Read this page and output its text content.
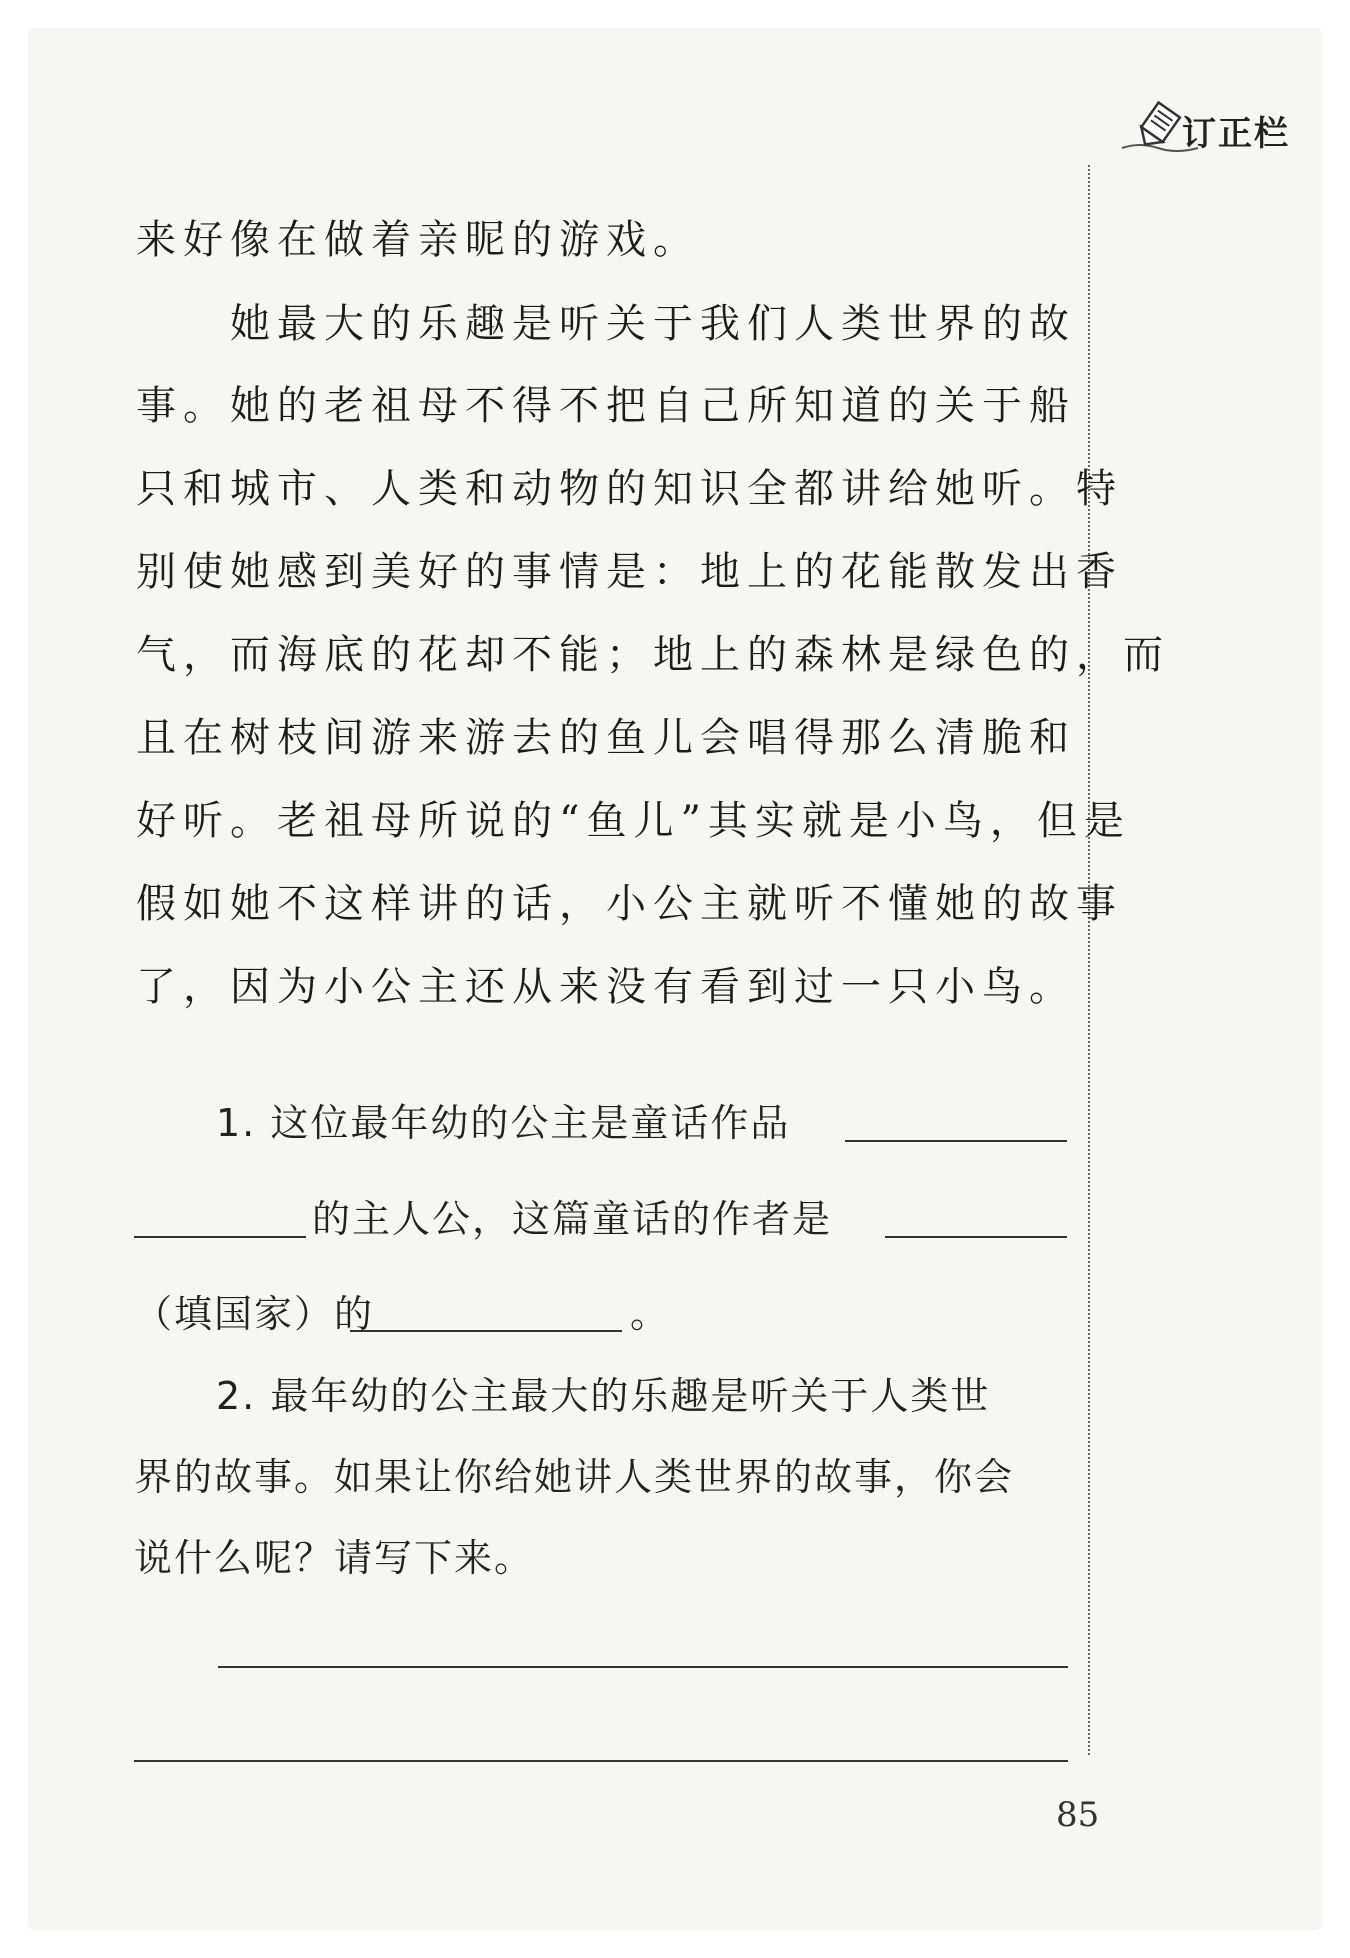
订正栏
来好像在做着亲昵的游戏。
她最大的乐趣是听关于我们人类世界的故
事。她的老祖母不得不把自己所知道的关于船
只和城市、人类和动物的知识全都讲给她听。特
别使她感到美好的事情是：地上的花能散发出香
气，而海底的花却不能；地上的森林是绿色的，而
且在树枝间游来游去的鱼儿会唱得那么清脆和
好听。老祖母所说的“鱼儿”其实就是小鸟，但是
假如她不这样讲的话，小公主就听不懂她的故事
了，因为小公主还从来没有看到过一只小鸟。
1. 这位最年幼的公主是童话作品
的主人公，这篇童话的作者是
（填国家）的	。
2. 最年幼的公主最大的乐趣是听关于人类世
界的故事。如果让你给她讲人类世界的故事，你会
说什么呢？请写下来。
85
